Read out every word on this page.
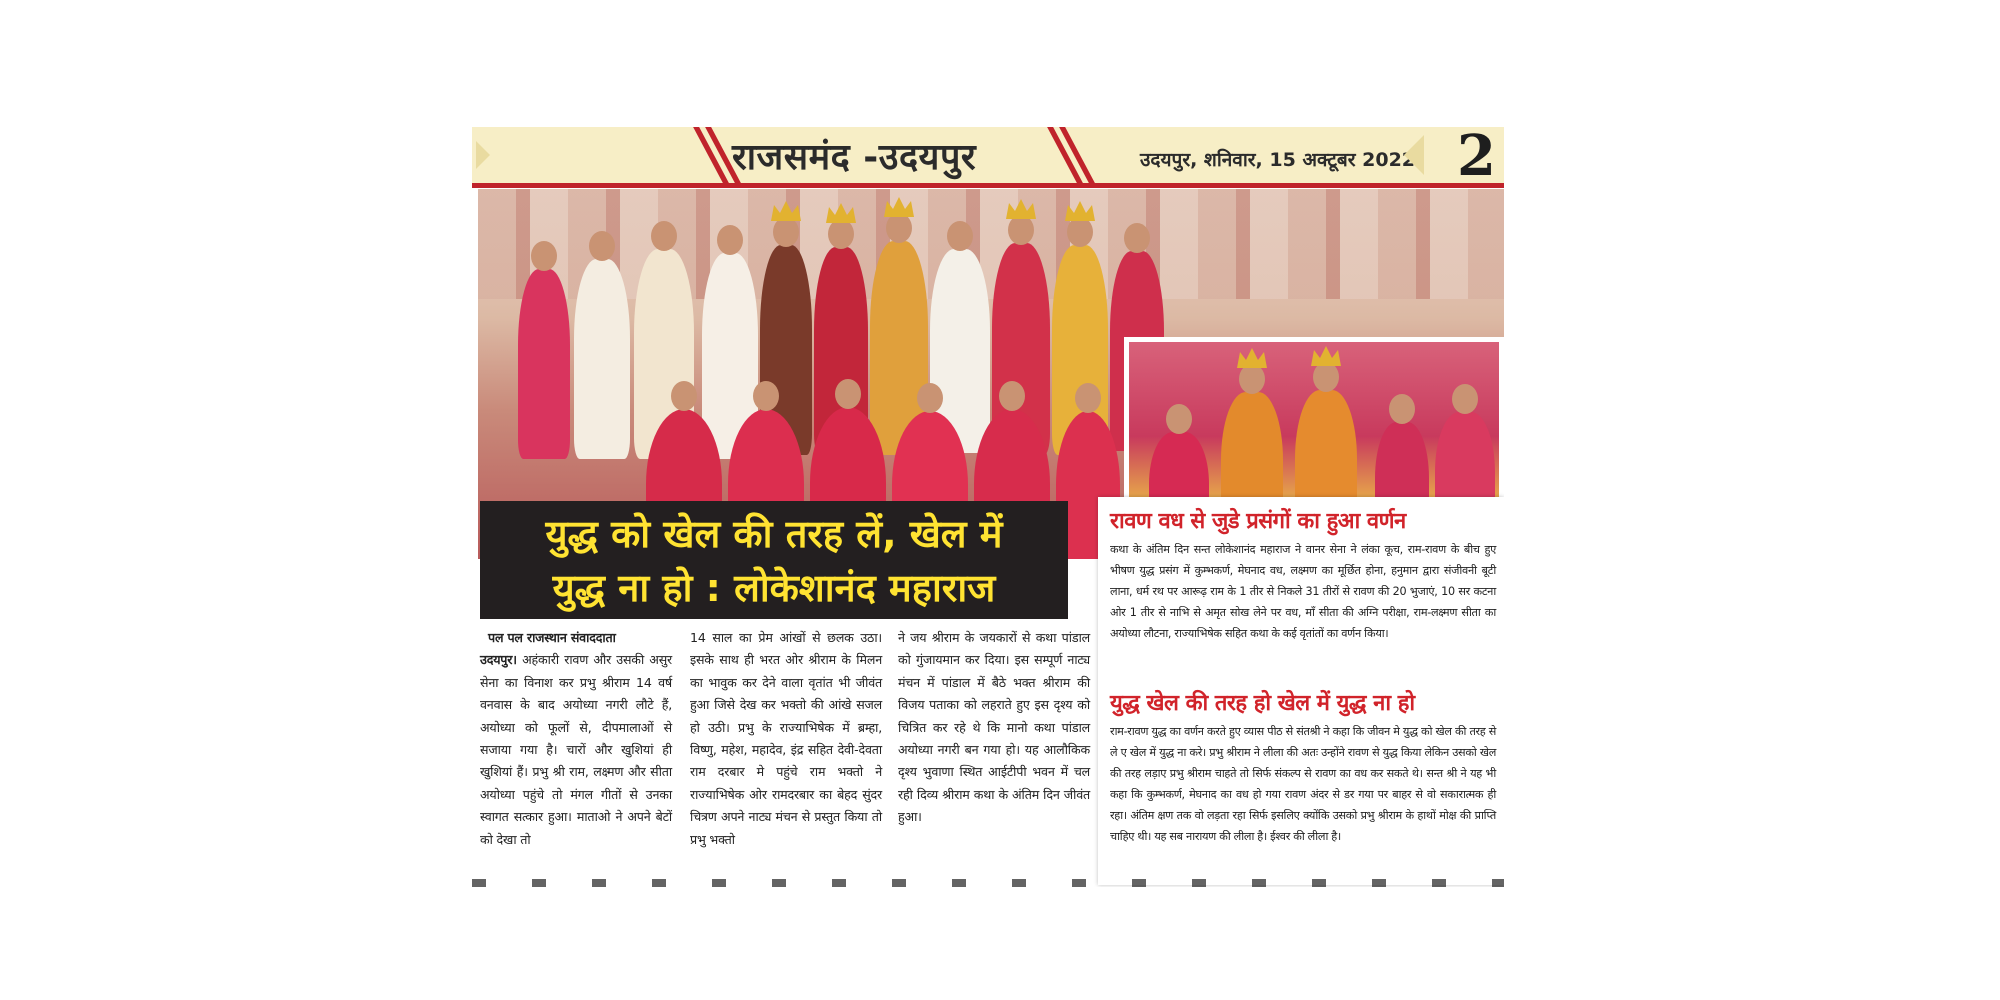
राजसमंद -उदयपुर	उदयपुर, शनिवार, 15 अक्टूबर 2022 2
युद्ध को खेल की तरह लें, खेल में
युद्ध ना हो : लोकेशानंद महाराज
पल पल राजस्थान संवाददाता
उदयपुर। अहंकारी रावण और उसकी असुर सेना का विनाश कर प्रभु श्रीराम 14 वर्ष वनवास के बाद अयोध्या नगरी लौटे हैं, अयोध्या को फूलों से, दीपमालाओं से सजाया गया है। चारों और खुशियां ही खुशियां हैं। प्रभु श्री राम, लक्ष्मण और सीता अयोध्या पहुंचे तो मंगल गीतों से उनका स्वागत सत्कार हुआ। माताओ ने अपने बेटों को देखा तो
14 साल का प्रेम आंखों से छलक उठा। इसके साथ ही भरत ओर श्रीराम के मिलन का भावुक कर देने वाला वृतांत भी जीवंत हुआ जिसे देख कर भक्तो की आंखे सजल हो उठी। प्रभु के राज्याभिषेक में ब्रम्हा, विष्णु, महेश, महादेव, इंद्र सहित देवी-देवता राम दरबार मे पहुंचे राम भक्तो ने राज्याभिषेक ओर रामदरबार का बेहद सुंदर चित्रण अपने नाट्य मंचन से प्रस्तुत किया तो प्रभु भक्तो
ने जय श्रीराम के जयकारों से कथा पांडाल को गुंजायमान कर दिया। इस सम्पूर्ण नाट्य मंचन में पांडाल में बैठे भक्त श्रीराम की विजय पताका को लहराते हुए इस दृश्य को चित्रित कर रहे थे कि मानो कथा पांडाल अयोध्या नगरी बन गया हो। यह आलौकिक दृश्य भुवाणा स्थित आईटीपी भवन में चल रही दिव्य श्रीराम कथा के अंतिम दिन जीवंत हुआ।
रावण वध से जुडे प्रसंगों का हुआ वर्णन
कथा के अंतिम दिन सन्त लोकेशानंद महाराज ने वानर सेना ने लंका कूच, राम-रावण के बीच हुए भीषण युद्ध प्रसंग में कुम्भकर्ण, मेघनाद वध, लक्ष्मण का मूर्छित होना, हनुमान द्वारा संजीवनी बूटी लाना, धर्म रथ पर आरूढ़ राम के 1 तीर से निकले 31 तीरों से रावण की 20 भुजाएं, 10 सर कटना ओर 1 तीर से नाभि से अमृत सोख लेने पर वध, माँ सीता की अग्नि परीक्षा, राम-लक्ष्मण सीता का अयोध्या लौटना, राज्याभिषेक सहित कथा के कई वृतांतों का वर्णन किया।
युद्ध खेल की तरह हो खेल में युद्ध ना हो
राम-रावण युद्ध का वर्णन करते हुए व्यास पीठ से संतश्री ने कहा कि जीवन मे युद्ध को खेल की तरह से ले ए खेल में युद्ध ना करे। प्रभु श्रीराम ने लीला की अतः उन्होंने रावण से युद्ध किया लेकिन उसको खेल की तरह लड़ाए प्रभु श्रीराम चाहते तो सिर्फ संकल्प से रावण का वध कर सकते थे। सन्त श्री ने यह भी कहा कि कुम्भकर्ण, मेघनाद का वध हो गया रावण अंदर से डर गया पर बाहर से वो सकारात्मक ही रहा। अंतिम क्षण तक वो लड़ता रहा सिर्फ इसलिए क्योंकि उसको प्रभु श्रीराम के हाथों मोक्ष की प्राप्ति चाहिए थी। यह सब नारायण की लीला है। ईश्वर की लीला है।
